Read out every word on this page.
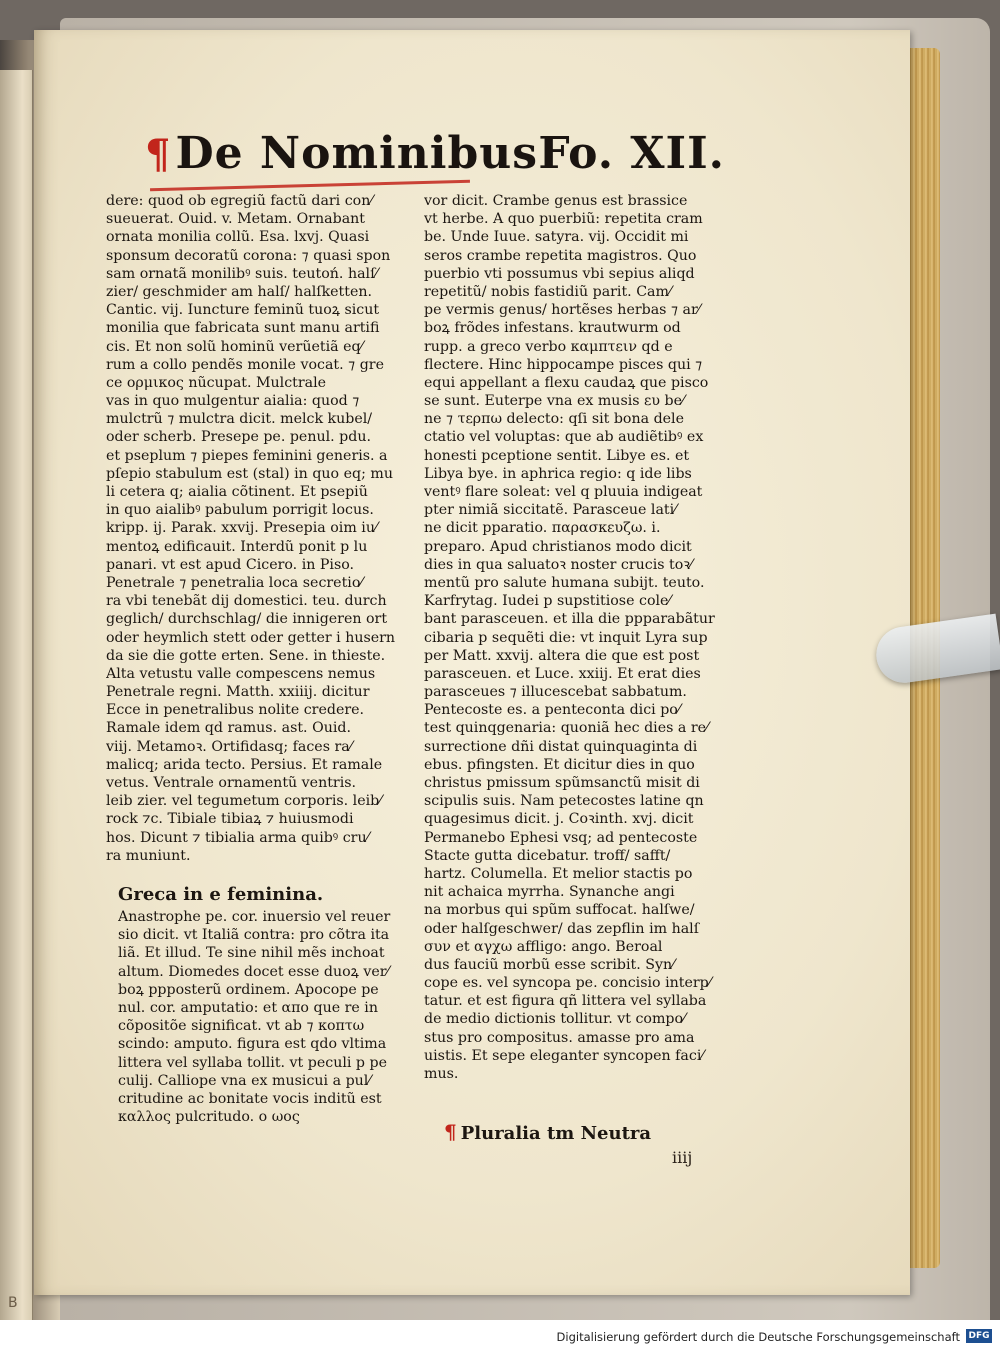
B
¶De Nominibus Fo. XII.
dere: quod ob egregiũ factũ dari con⁄
sueuerat. Ouid. v. Metam. Ornabant
ornata monilia collũ. Esa. lxvj. Quasi
sponsum decoratũ corona: ⁊ quasi spon
sam ornatã monilibꝰ suis. teutoń. halſ⁄
zier/ geschmider am halſ/ halſketten.
Cantic. vij. Iuncture feminũ tuoꝝ sicut
monilia que fabricata sunt manu artifi
cis. Et non solũ hominũ verũetiã eq⁄
rum a collo pendẽs monile vocat. ⁊ gre
ce ορμικος nũcupat. Mulctrale
vas in quo mulgentur aialia: quod ⁊
mulctrũ ⁊ mulctra dicit. melck kubel/
oder scherb. Presepe pe. penul. pdu.
et pseplum ⁊ piepes feminini generis. a
pſepio stabulum est (stal) in quo eq; mu
li cetera q; aialia cõtinent. Et psepiũ
in quo aialibꝰ pabulum porrigit locus.
kripp. ij. Parak. xxvij. Presepia oim iu⁄
mentoꝝ edificauit. Interdũ ponit p lu
panari. vt est apud Cicero. in Piso.
Penetrale ⁊ penetralia loca secretio⁄
ra vbi tenebãt dij domestici. teu. durch
geglich/ durchschlag/ die innigeren ort
oder heymlich stett oder getter i husern
da sie die gotte erten. Sene. in thieste.
Alta vetustu valle compescens nemus
Penetrale regni. Matth. xxiiij. dicitur
Ecce in penetralibus nolite credere.
Ramale idem qd ramus. ast. Ouid.
viij. Metamoꝛ. Ortifidasq; faces ra⁄
malicq; arida tecto. Persius. Et ramale
vetus. Ventrale ornamentũ ventris.
leib zier. vel tegumetum corporis. leib⁄
rock ⁊c. Tibiale tibiaꝝ ⁊ huiusmodi
hos. Dicunt ⁊ tibialia arma quibꝰ cru⁄
ra muniunt.
Greca in e feminina.
Anastrophe pe. cor. inuersio vel reuer
sio dicit. vt Italiã contra: pro cõtra ita
liã. Et illud. Te sine nihil mẽs inchoat
altum. Diomedes docet esse duoꝝ ver⁄
boꝝ ppposterũ ordinem. Apocope pe
nul. cor. amputatio: et απο que re in
cõpositõe significat. vt ab ⁊ κοπτω
scindo: amputo. figura est qdo vltima
littera vel syllaba tollit. vt peculi p pe
culij. Calliope vna ex musicui a pul⁄
critudine ac bonitate vocis inditũ est
καλλος pulcritudo. ο ωος
vor dicit. Crambe genus est brassice
vt herbe. A quo puerbiũ: repetita cram
be. Unde Iuue. satyra. vij. Occidit mi
seros crambe repetita magistros. Quo
puerbio vti possumus vbi sepius aliqd
repetitũ/ nobis fastidiũ parit. Cam⁄
pe vermis genus/ hortẽses herbas ⁊ ar⁄
boꝝ frõdes infestans. krautwurm od
rupp. a greco verbo καμπτειν qd e
flectere. Hinc hippocampe pisces qui ⁊
equi appellant a flexu caudaꝝ que pisco
se sunt. Euterpe vna ex musis ευ be⁄
ne ⁊ τερπω delecto: qſi sit bona dele
ctatio vel voluptas: que ab audiẽtibꝰ ex
honesti pceptione sentit. Libye es. et
Libya bye. in aphrica regio: q ide libs
ventꝰ flare soleat: vel q pluuia indigeat
pter nimiã siccitatẽ. Parasceue lati⁄
ne dicit pparatio. παρασκευζω. i.
preparo. Apud christianos modo dicit
dies in qua saluatoꝛ noster crucis toꝛ⁄
mentũ pro salute humana subijt. teuto.
Karfrytag. Iudei p supstitiose cole⁄
bant parasceuen. et illa die ppparabãtur
cibaria p sequẽti die: vt inquit Lyra sup
per Matt. xxvij. altera die que est post
parasceuen. et Luce. xxiij. Et erat dies
parasceues ⁊ illucescebat sabbatum.
Pentecoste es. a penteconta dici po⁄
test quinqgenaria: quoniã hec dies a re⁄
surrectione dñi distat quinquaginta di
ebus. pfingsten. Et dicitur dies in quo
christus pmissum spũmsanctũ misit di
scipulis suis. Nam petecostes latine qn
quagesimus dicit. j. Coꝛinth. xvj. dicit
Permanebo Ephesi vsq; ad pentecoste
Stacte gutta dicebatur. troff/ safft/
hartz. Columella. Et melior stactis po
nit achaica myrrha. Synanche angi
na morbus qui spũm suffocat. halſwe/
oder halſgeschwer/ das zepflin im halſ
συν et αγχω affligo: ango. Beroal
dus fauciũ morbũ esse scribit. Syn⁄
cope es. vel syncopa pe. concisio interp⁄
tatur. et est figura qñ littera vel syllaba
de medio dictionis tollitur. vt compo⁄
stus pro compositus. amasse pro ama
uistis. Et sepe eleganter syncopen faci⁄
mus.
¶ Pluralia tm Neutra
iiij
Digitalisierung gefördert durch die Deutsche Forschungsgemeinschaft DFG
